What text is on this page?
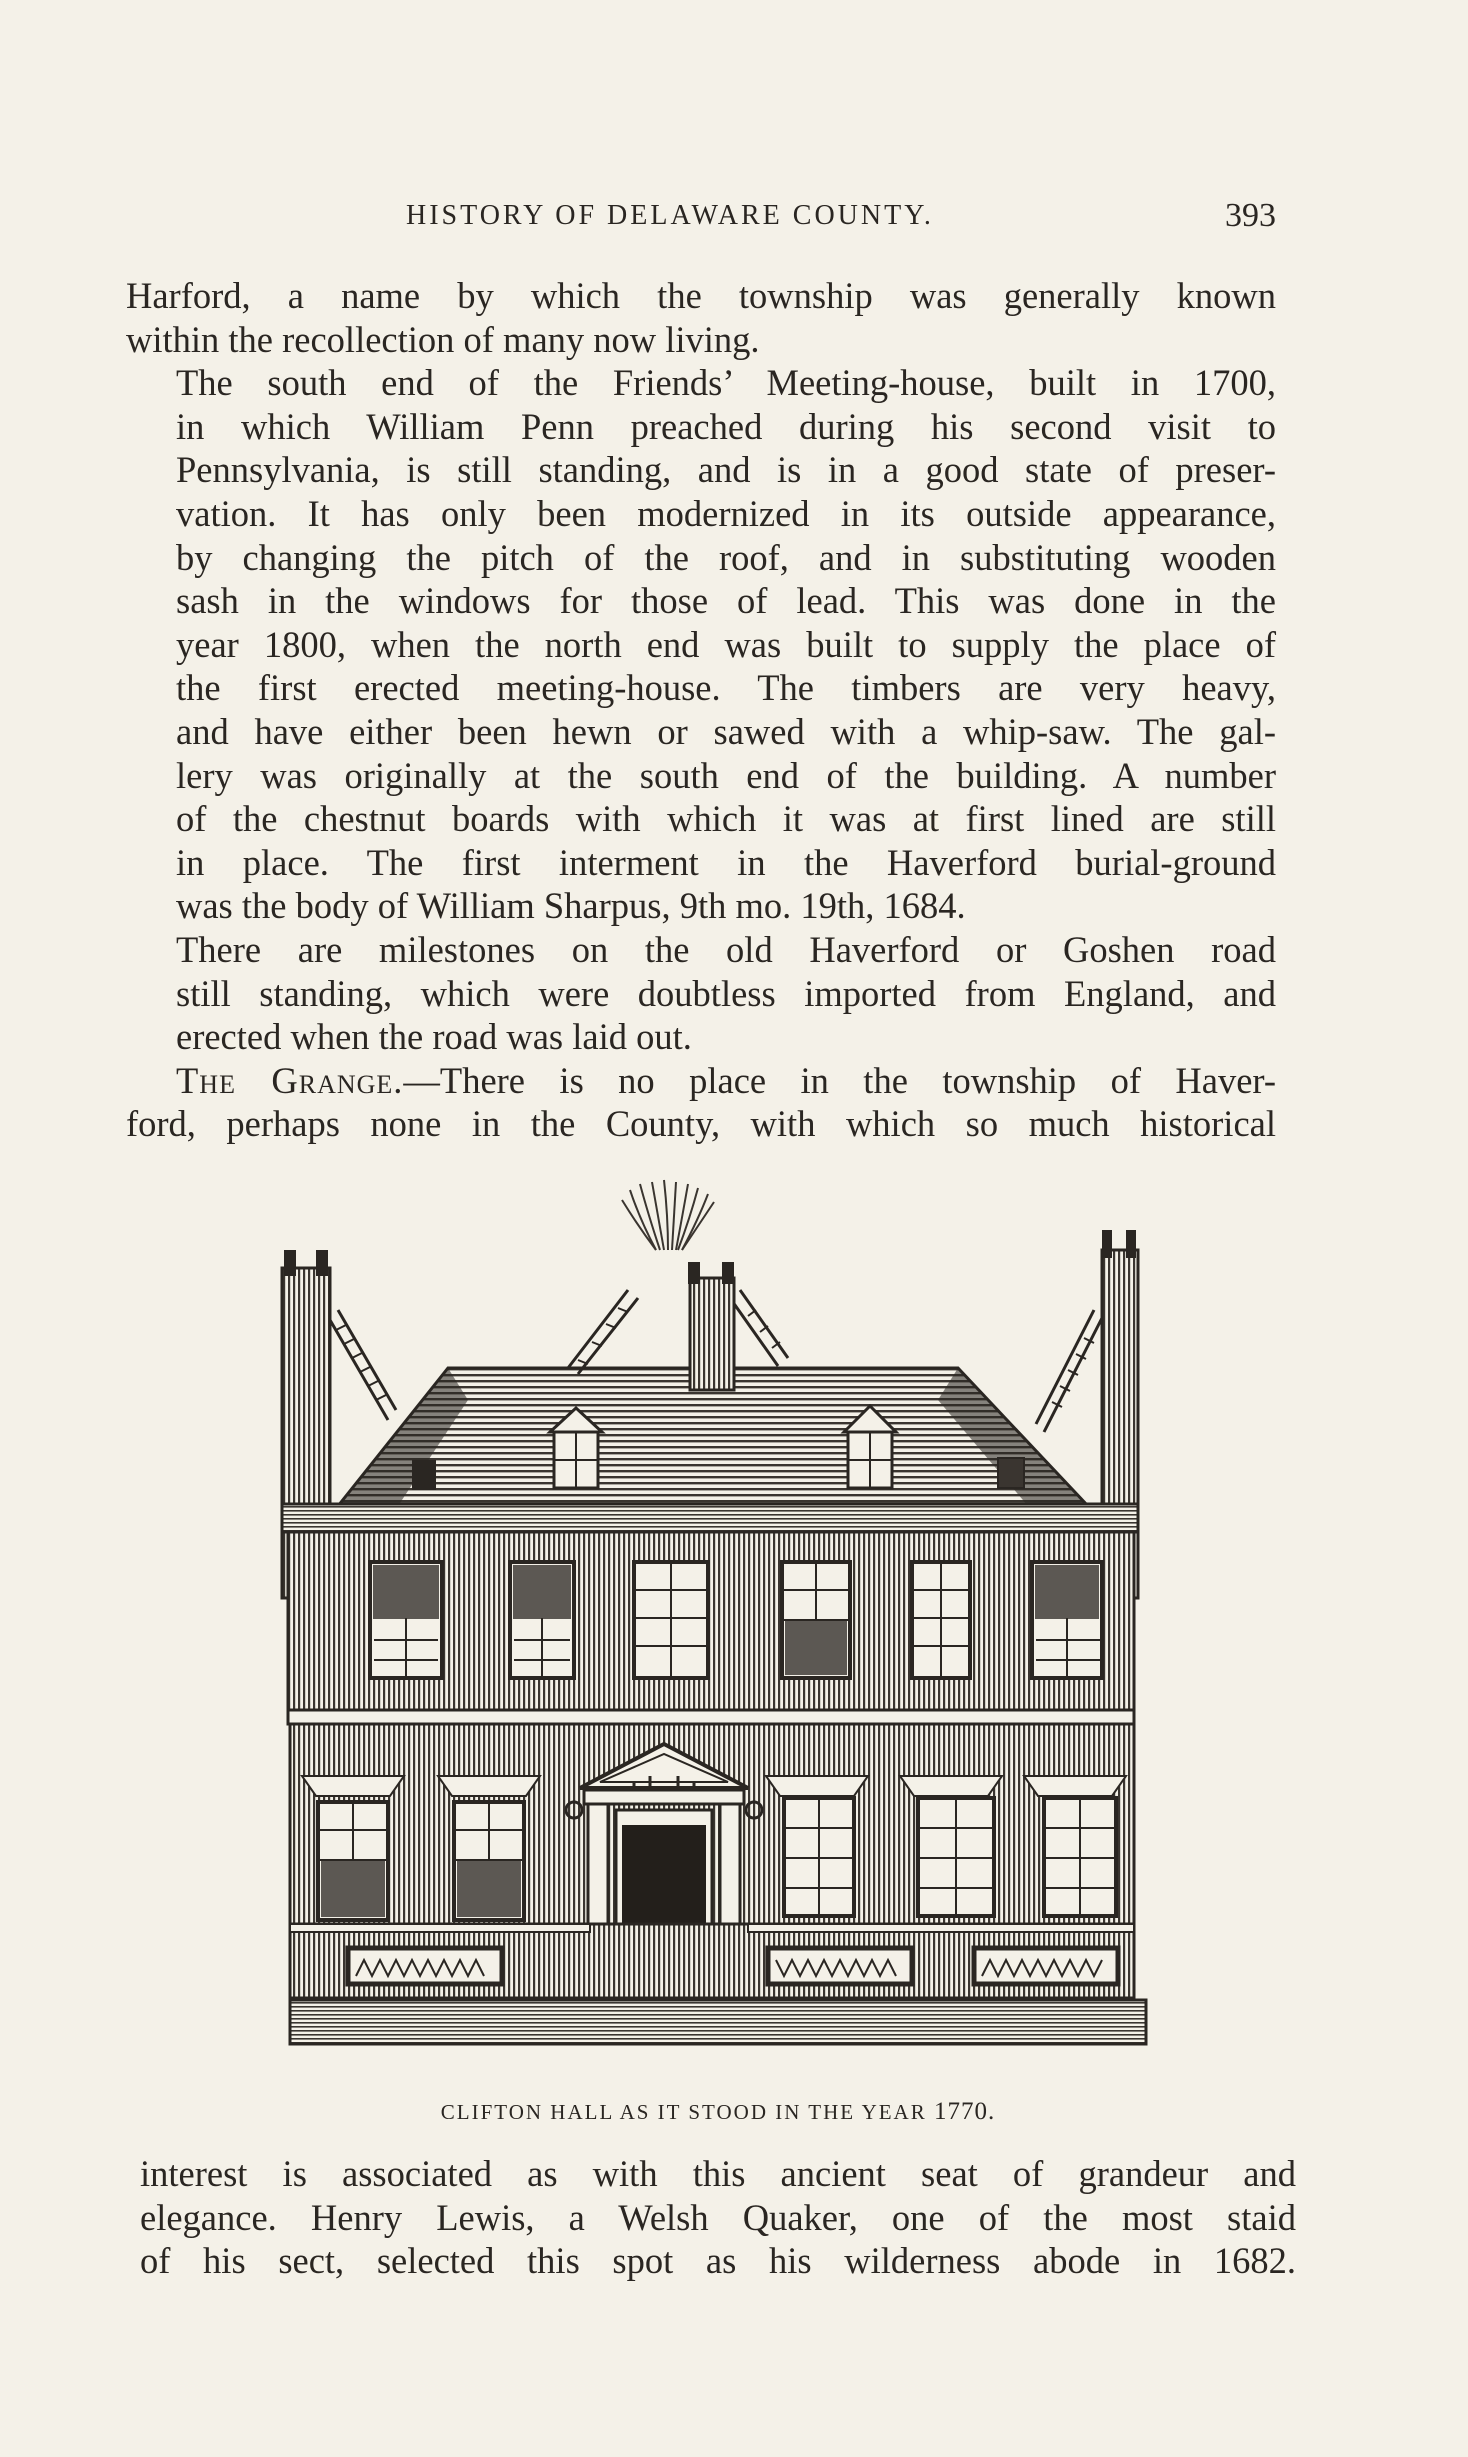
HISTORY OF DELAWARE COUNTY.	393

Harford, a name by which the township was generally known
within the recollection of many now living.

The south end of the Friends’ Meeting-house, built in 1700,
in which William Penn preached during his second visit to
Pennsylvania, is still standing, and is in a good state of preser-
vation. It has only been modernized in its outside appearance,
by changing the pitch of the roof, and in substituting wooden
sash in the windows for those of lead. This was done in the
year 1800, when the north end was built to supply the place of
the first erected meeting-house. The timbers are very heavy,
and have either been hewn or sawed with a whip-saw. The gal-
lery was originally at the south end of the building. A number
of the chestnut boards with which it was at first lined are still
in place. The first interment in the Haverford burial-ground
was the body of William Sharpus, 9th mo. 19th, 1684.

There are milestones on the old Haverford or Goshen road
still standing, which were doubtless imported from England, and
erected when the road was laid out.

The Grange.—There is no place in the township of Haver-
ford, perhaps none in the County, with which so much historical

CLIFTON HALL AS IT STOOD IN THE YEAR 1770.
interest is associated as with this ancient seat of grandeur and
elegance. Henry Lewis, a Welsh Quaker, one of the most staid
of his sect, selected this spot as his wilderness abode in 1682.
